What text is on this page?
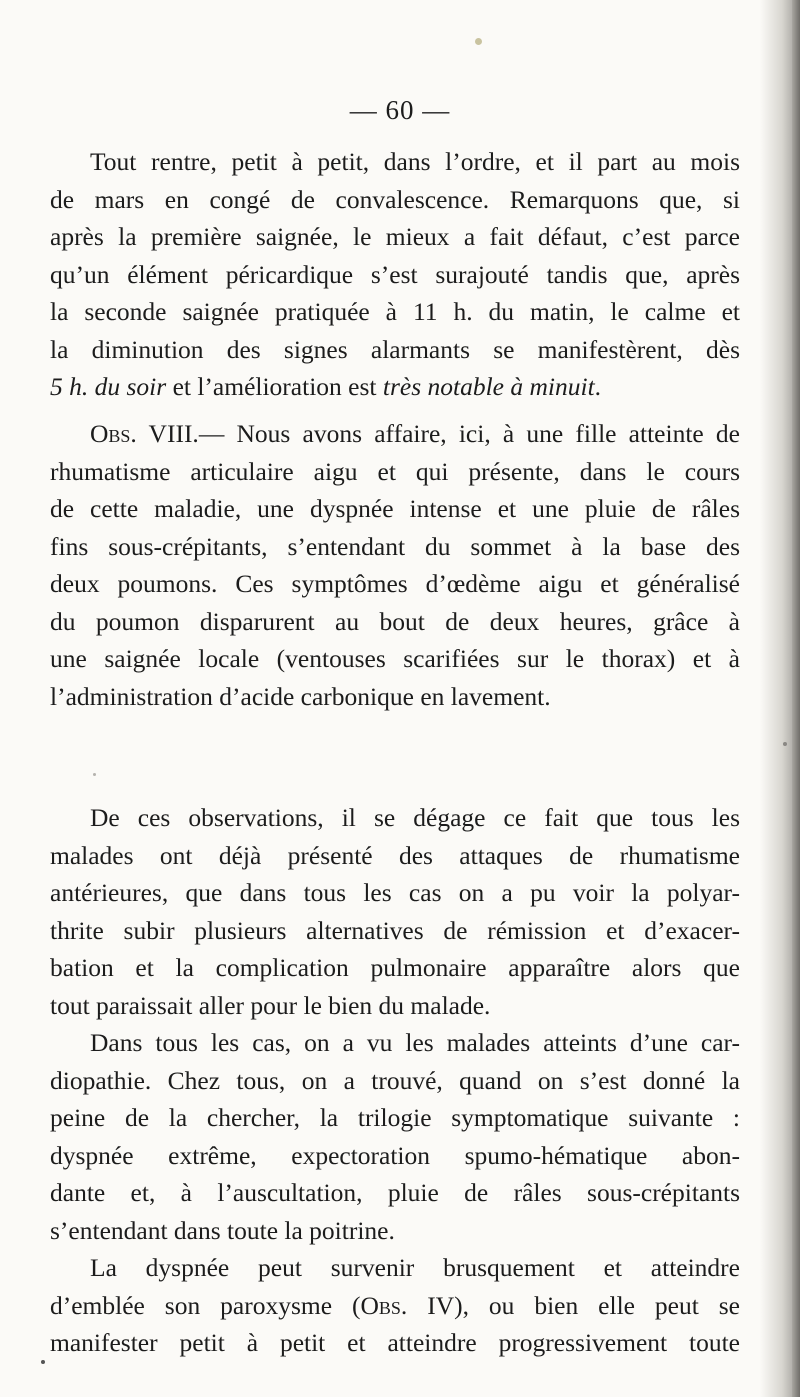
— 60 —
Tout rentre, petit à petit, dans l’ordre, et il part au mois
de mars en congé de convalescence. Remarquons que, si
après la première saignée, le mieux a fait défaut, c’est parce
qu’un élément péricardique s’est surajouté tandis que, après
la seconde saignée pratiquée à 11 h. du matin, le calme et
la diminution des signes alarmants se manifestèrent, dès
5 h. du soir et l’amélioration est très notable à minuit.
Obs. VIII.— Nous avons affaire, ici, à une fille atteinte de
rhumatisme articulaire aigu et qui présente, dans le cours
de cette maladie, une dyspnée intense et une pluie de râles
fins sous-crépitants, s’entendant du sommet à la base des
deux poumons. Ces symptômes d’œdème aigu et généralisé
du poumon disparurent au bout de deux heures, grâce à
une saignée locale (ventouses scarifiées sur le thorax) et à
l’administration d’acide carbonique en lavement.
De ces observations, il se dégage ce fait que tous les
malades ont déjà présenté des attaques de rhumatisme
antérieures, que dans tous les cas on a pu voir la polyar-
thrite subir plusieurs alternatives de rémission et d’exacer-
bation et la complication pulmonaire apparaître alors que
tout paraissait aller pour le bien du malade.
Dans tous les cas, on a vu les malades atteints d’une car-
diopathie. Chez tous, on a trouvé, quand on s’est donné la
peine de la chercher, la trilogie symptomatique suivante :
dyspnée extrême, expectoration spumo-hématique abon-
dante et, à l’auscultation, pluie de râles sous-crépitants
s’entendant dans toute la poitrine.
La dyspnée peut survenir brusquement et atteindre
d’emblée son paroxysme (Obs. IV), ou bien elle peut se
manifester petit à petit et atteindre progressivement toute
